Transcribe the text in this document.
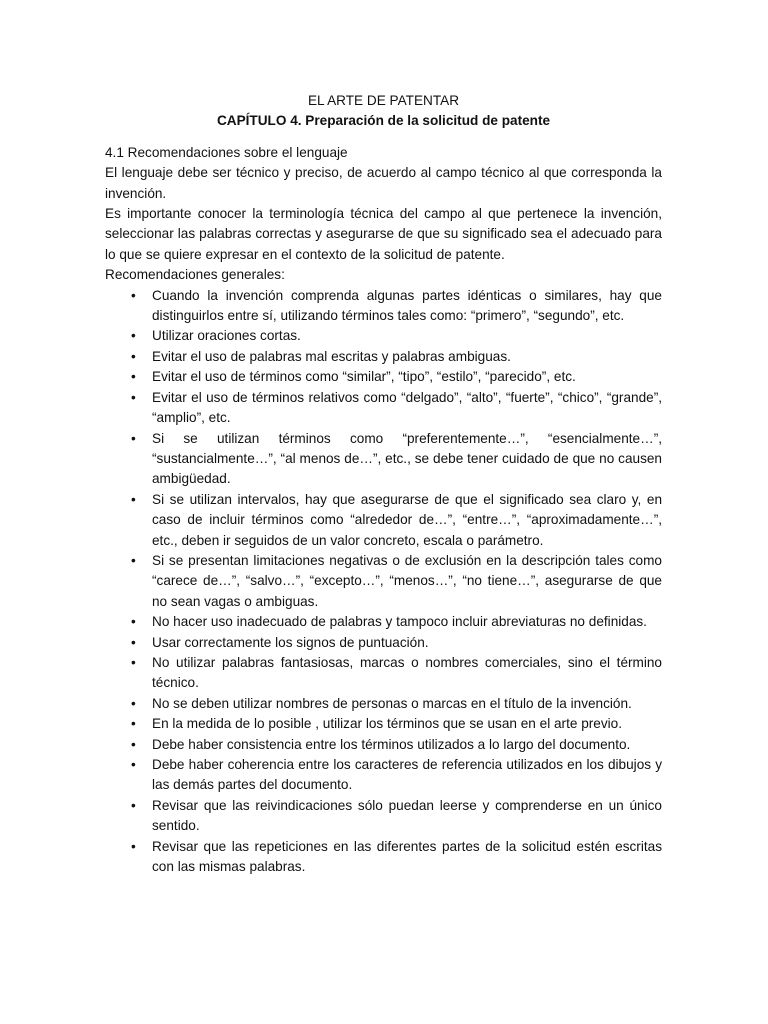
EL ARTE DE PATENTAR
CAPÍTULO 4. Preparación de la solicitud de patente
4.1 Recomendaciones sobre el lenguaje

El lenguaje debe ser técnico y preciso, de acuerdo al campo técnico al que corresponda la invención.

Es importante conocer la terminología técnica del campo al que pertenece la invención, seleccionar las palabras correctas y asegurarse de que su significado sea el adecuado para lo que se quiere expresar en el contexto de la solicitud de patente.

Recomendaciones generales:
• Cuando la invención comprenda algunas partes idénticas o similares, hay que distinguirlos entre sí, utilizando términos tales como: “primero”, “segundo”, etc.
• Utilizar oraciones cortas.
• Evitar el uso de palabras mal escritas y palabras ambiguas.
• Evitar el uso de términos como “similar”, “tipo”, “estilo”, “parecido”, etc.
• Evitar el uso de términos relativos como “delgado”, “alto”, “fuerte”, “chico”, “grande”, “amplio”, etc.
• Si se utilizan términos como “preferentemente…”, “esencialmente…”, “sustancialmente…”, “al menos de…”, etc., se debe tener cuidado de que no causen ambigüedad.
• Si se utilizan intervalos, hay que asegurarse de que el significado sea claro y, en caso de incluir términos como “alrededor de…”, “entre…”, “aproximadamente…”, etc., deben ir seguidos de un valor concreto, escala o parámetro.
• Si se presentan limitaciones negativas o de exclusión en la descripción tales como “carece de…”, “salvo…”, “excepto…”, “menos…”, “no tiene…”, asegurarse de que no sean vagas o ambiguas.
• No hacer uso inadecuado de palabras y tampoco incluir abreviaturas no definidas.
• Usar correctamente los signos de puntuación.
• No utilizar palabras fantasiosas, marcas o nombres comerciales, sino el término técnico.
• No se deben utilizar nombres de personas o marcas en el título de la invención.
• En la medida de lo posible , utilizar los términos que se usan en el arte previo.
• Debe haber consistencia entre los términos utilizados a lo largo del documento.
• Debe haber coherencia entre los caracteres de referencia utilizados en los dibujos y las demás partes del documento.
• Revisar que las reivindicaciones sólo puedan leerse y comprenderse en un único sentido.
• Revisar que las repeticiones en las diferentes partes de la solicitud estén escritas con las mismas palabras.
